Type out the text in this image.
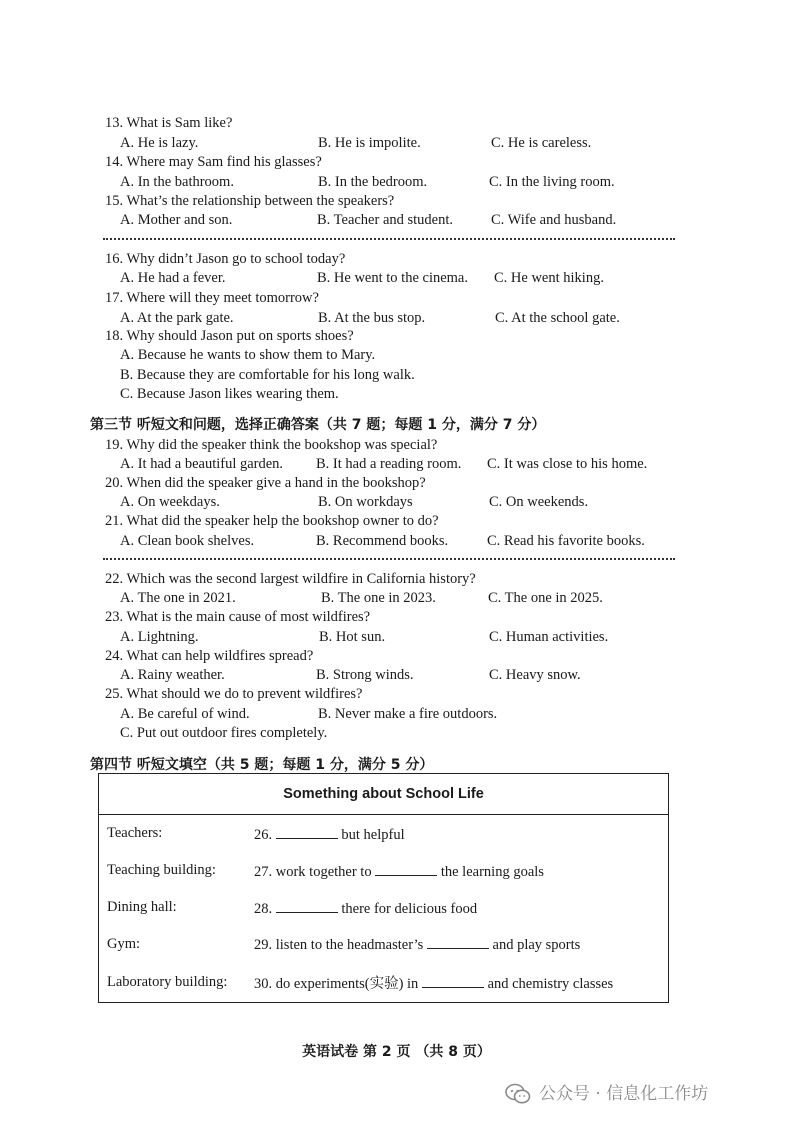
13. What is Sam like?
A. He is lazy.	B. He is impolite.	C. He is careless.
14. Where may Sam find his glasses?
A. In the bathroom.	B. In the bedroom.	C. In the living room.
15. What’s the relationship between the speakers?
A. Mother and son.	B. Teacher and student.	C. Wife and husband.
16. Why didn’t Jason go to school today?
A. He had a fever.	B. He went to the cinema. C. He went hiking.
17. Where will they meet tomorrow?
A. At the park gate.	B. At the bus stop.	C. At the school gate.
18. Why should Jason put on sports shoes?
A. Because he wants to show them to Mary.
B. Because they are comfortable for his long walk.
C. Because Jason likes wearing them.
第三节 听短文和问题，选择正确答案（共 7 题；每题 1 分，满分 7 分）
19. Why did the speaker think the bookshop was special?
A. It had a beautiful garden. B. It had a reading room. C. It was close to his home.
20. When did the speaker give a hand in the bookshop?
A. On weekdays.	B. On workdays	C. On weekends.
21. What did the speaker help the bookshop owner to do?
A. Clean book shelves.	B. Recommend books.	C. Read his favorite books.
22. Which was the second largest wildfire in California history?
A. The one in 2021.	B. The one in 2023.	C. The one in 2025.
23. What is the main cause of most wildfires?
A. Lightning.	B. Hot sun.	C. Human activities.
24. What can help wildfires spread?
A. Rainy weather.	B. Strong winds.	C. Heavy snow.
25. What should we do to prevent wildfires?
A. Be careful of wind.	B. Never make a fire outdoors.
C. Put out outdoor fires completely.
第四节 听短文填空（共 5 题；每题 1 分，满分 5 分）
Something about School Life	
Teachers:	26. but helpful
Teaching building:	27. work together to the learning goals
Dining hall:	28. there for delicious food
Gym:	29. listen to the headmaster’s and play sports
Laboratory building:	30. do experiments(实验) in and chemistry classes
英语试卷 第 2 页 （共 8 页）
公众号 · 信息化工作坊
